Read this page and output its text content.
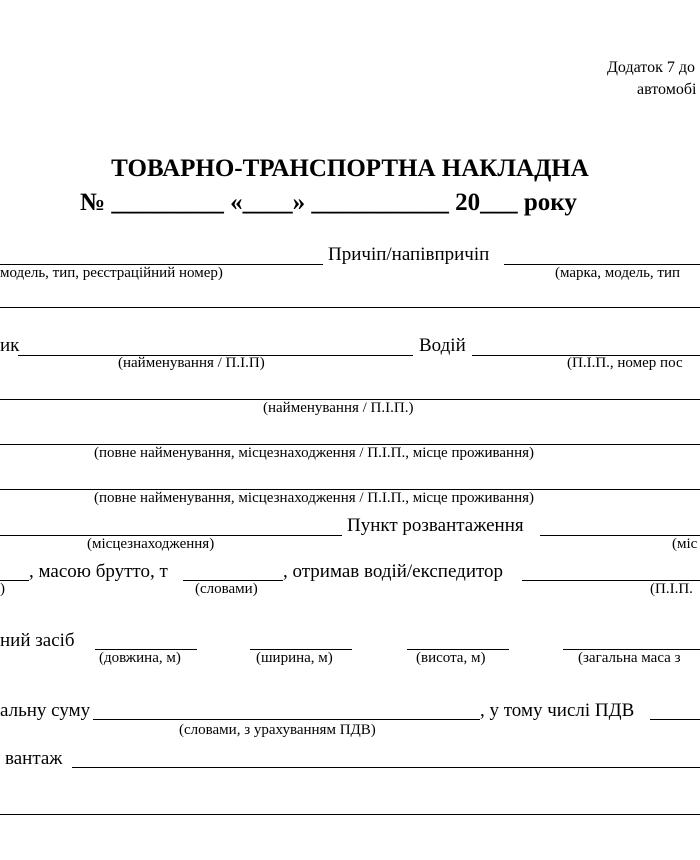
Додаток 7 до
автомобі
ТОВАРНО-ТРАНСПОРТНА НАКЛАДНА
№ _________ «____» ___________ 20___ року
Причіп/напівпричіп
модель, тип, реєстраційний номер)	(марка, модель, тип
ик	Водій
(найменування / П.І.П)	(П.І.П., номер пос
(найменування / П.І.П.)
(повне найменування, місцезнаходження / П.І.П., місце проживання)
(повне найменування, місцезнаходження / П.І.П., місце проживання)
Пункт розвантаження
(місцезнаходження)	(міс
, масою брутто, т	, отримав водій/експедитор
)	(словами)	(П.І.П.
ний засіб
(довжина, м)	(ширина, м)	(висота, м)	(загальна маса з
альну суму	, у тому числі ПДВ
(словами, з урахуванням ПДВ)
вантаж
